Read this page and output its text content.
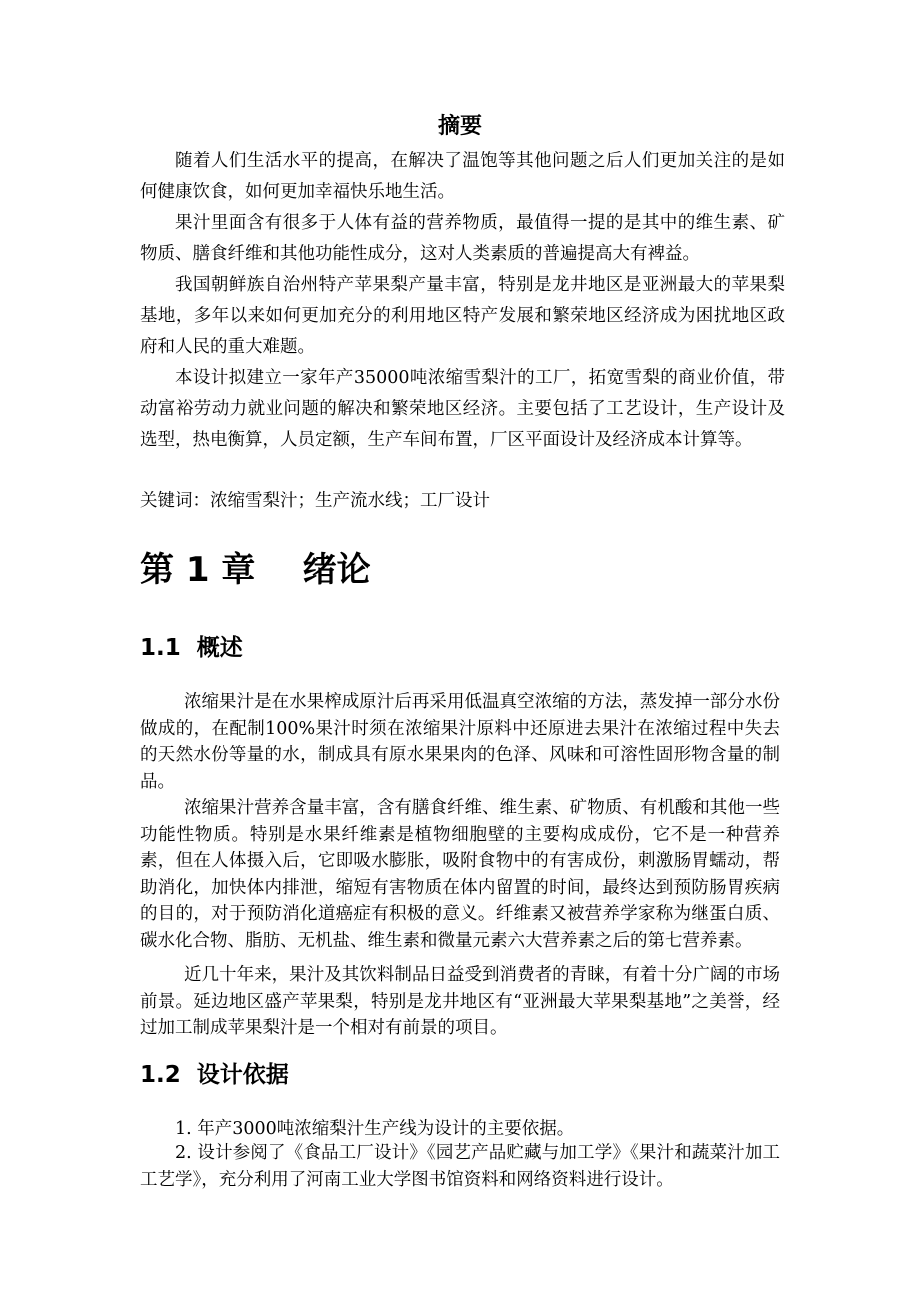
摘要

随着人们生活水平的提高，在解决了温饱等其他问题之后人们更加关注的是如何健康饮食，如何更加幸福快乐地生活。

果汁里面含有很多于人体有益的营养物质，最值得一提的是其中的维生素、矿物质、膳食纤维和其他功能性成分，这对人类素质的普遍提高大有裨益。

我国朝鲜族自治州特产苹果梨产量丰富，特别是龙井地区是亚洲最大的苹果梨基地，多年以来如何更加充分的利用地区特产发展和繁荣地区经济成为困扰地区政府和人民的重大难题。

本设计拟建立一家年产35000吨浓缩雪梨汁的工厂，拓宽雪梨的商业价值，带动富裕劳动力就业问题的解决和繁荣地区经济。主要包括了工艺设计，生产设计及选型，热电衡算，人员定额，生产车间布置，厂区平面设计及经济成本计算等。

关键词：浓缩雪梨汁；生产流水线；工厂设计

第 1 章    绪论
1.1  概述

浓缩果汁是在水果榨成原汁后再采用低温真空浓缩的方法，蒸发掉一部分水份做成的，在配制100%果汁时须在浓缩果汁原料中还原进去果汁在浓缩过程中失去的天然水份等量的水，制成具有原水果果肉的色泽、风味和可溶性固形物含量的制品。

浓缩果汁营养含量丰富，含有膳食纤维、维生素、矿物质、有机酸和其他一些功能性物质。特别是水果纤维素是植物细胞壁的主要构成成份，它不是一种营养素，但在人体摄入后，它即吸水膨胀，吸附食物中的有害成份，刺激肠胃蠕动，帮助消化，加快体内排泄，缩短有害物质在体内留置的时间，最终达到预防肠胃疾病的目的，对于预防消化道癌症有积极的意义。纤维素又被营养学家称为继蛋白质、碳水化合物、脂肪、无机盐、维生素和微量元素六大营养素之后的第七营养素。

近几十年来，果汁及其饮料制品日益受到消费者的青睐，有着十分广阔的市场前景。延边地区盛产苹果梨，特别是龙井地区有“亚洲最大苹果梨基地”之美誉，经过加工制成苹果梨汁是一个相对有前景的项目。

1.2  设计依据

1. 年产3000吨浓缩梨汁生产线为设计的主要依据。

2. 设计参阅了《食品工厂设计》《园艺产品贮藏与加工学》《果汁和蔬菜汁加工工艺学》，充分利用了河南工业大学图书馆资料和网络资料进行设计。
